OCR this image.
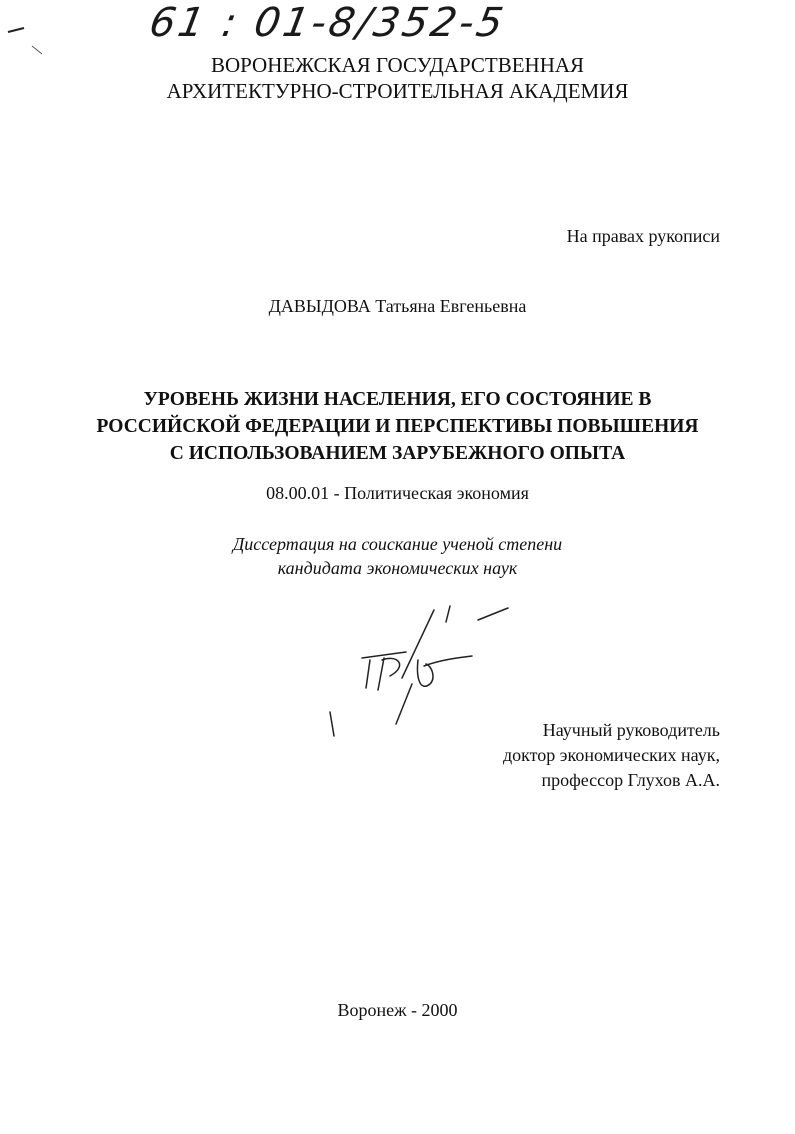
61 : 01-8/352-5
ВОРОНЕЖСКАЯ ГОСУДАРСТВЕННАЯ
АРХИТЕКТУРНО-СТРОИТЕЛЬНАЯ АКАДЕМИЯ
На правах рукописи
ДАВЫДОВА Татьяна Евгеньевна
УРОВЕНЬ ЖИЗНИ НАСЕЛЕНИЯ, ЕГО СОСТОЯНИЕ В
РОССИЙСКОЙ ФЕДЕРАЦИИ И ПЕРСПЕКТИВЫ ПОВЫШЕНИЯ
С ИСПОЛЬЗОВАНИЕМ ЗАРУБЕЖНОГО ОПЫТА
08.00.01 - Политическая экономия
Диссертация на соискание ученой степени
кандидата экономических наук
Научный руководитель
доктор экономических наук,
профессор Глухов А.А.
Воронеж - 2000
